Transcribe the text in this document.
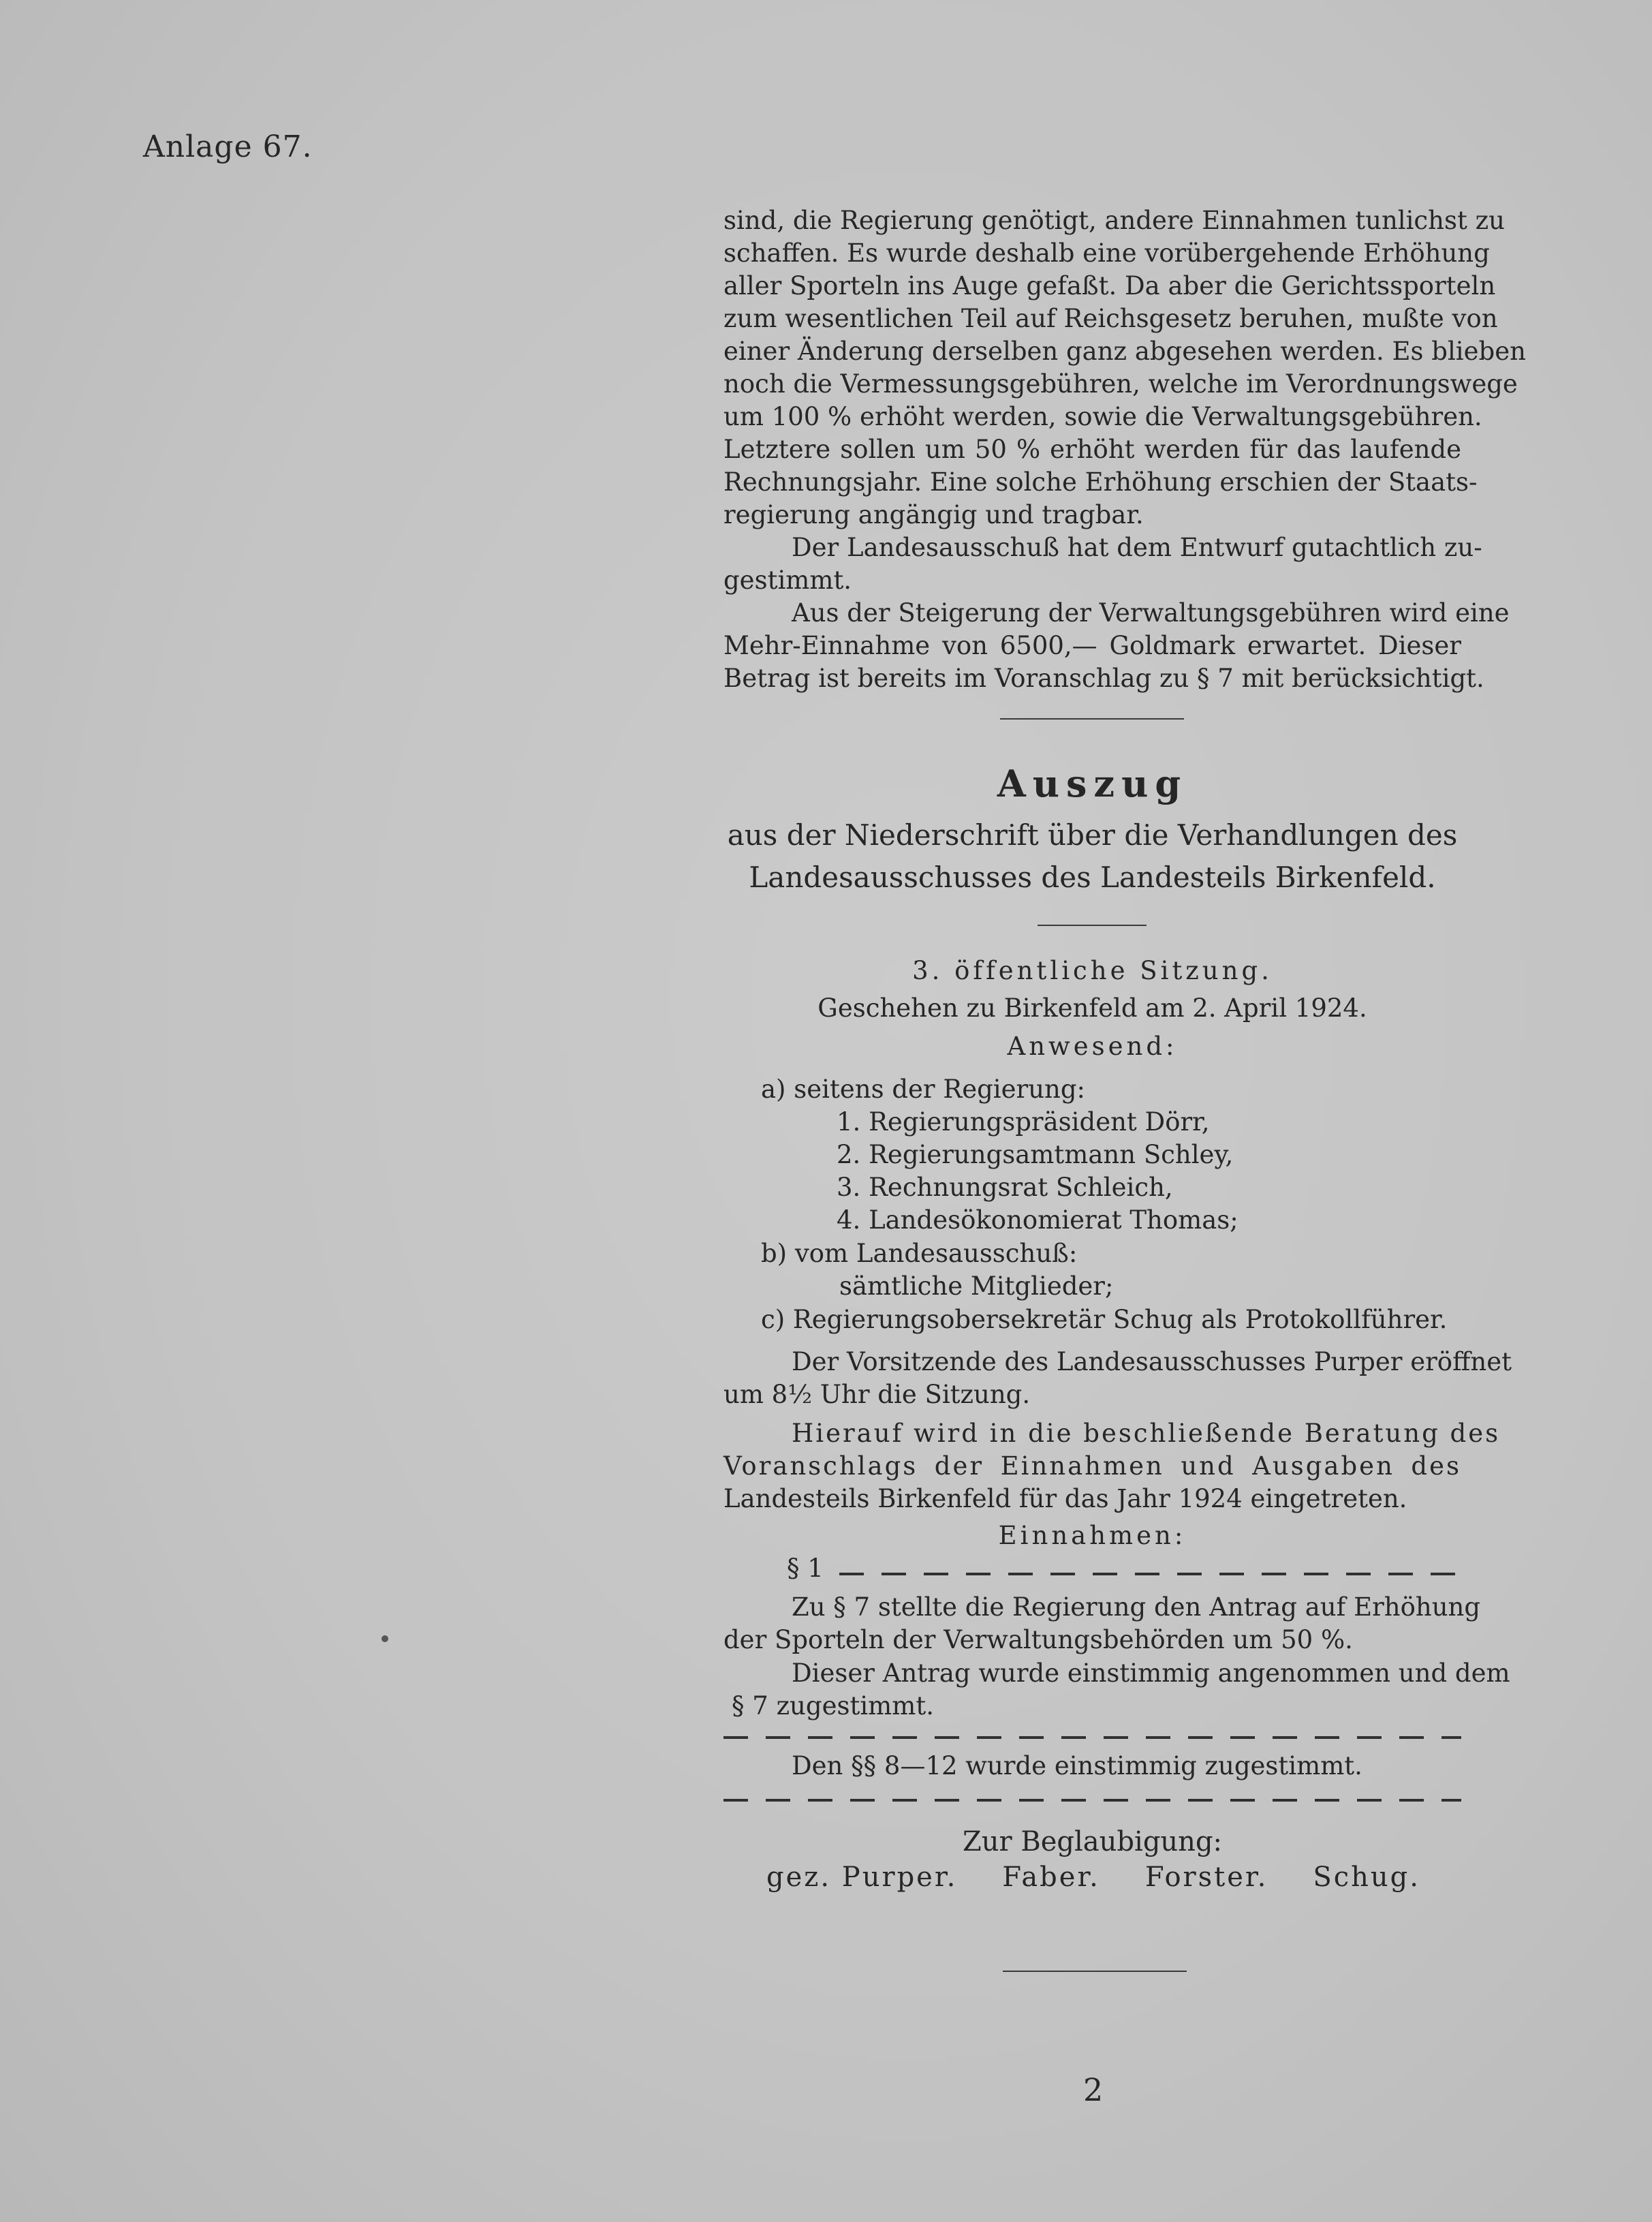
Anlage 67.

sind, die Regierung genötigt, andere Einnahmen tunlichst zu
schaffen. Es wurde deshalb eine vorübergehende Erhöhung
aller Sporteln ins Auge gefaßt. Da aber die Gerichtssporteln
zum wesentlichen Teil auf Reichsgesetz beruhen, mußte von
einer Änderung derselben ganz abgesehen werden. Es blieben
noch die Vermessungsgebühren, welche im Verordnungswege
um 100 % erhöht werden, sowie die Verwaltungsgebühren.
Letztere sollen um 50 % erhöht werden für das laufende
Rechnungsjahr. Eine solche Erhöhung erschien der Staats-
regierung angängig und tragbar.

Der Landesausschuß hat dem Entwurf gutachtlich zu-
gestimmt.

Aus der Steigerung der Verwaltungsgebühren wird eine
Mehr-Einnahme von 6500,— Goldmark erwartet. Dieser
Betrag ist bereits im Voranschlag zu § 7 mit berücksichtigt.

Auszug
aus der Niederschrift über die Verhandlungen des
Landesausschusses des Landesteils Birkenfeld.
3. öffentliche Sitzung.
Geschehen zu Birkenfeld am 2. April 1924.
Anwesend:
a) seitens der Regierung:
1. Regierungspräsident Dörr,
2. Regierungsamtmann Schley,
3. Rechnungsrat Schleich,
4. Landesökonomierat Thomas;
b) vom Landesausschuß:
sämtliche Mitglieder;
c) Regierungsobersekretär Schug als Protokollführer.

Der Vorsitzende des Landesausschusses Purper eröffnet
um 8½ Uhr die Sitzung.

Hierauf wird in die beschließende Beratung des
Voranschlags der Einnahmen und Ausgaben des
Landesteils Birkenfeld für das Jahr 1924 eingetreten.

Einnahmen:
§ 1

Zu § 7 stellte die Regierung den Antrag auf Erhöhung
der Sporteln der Verwaltungsbehörden um 50 %.

Dieser Antrag wurde einstimmig angenommen und dem
§ 7 zugestimmt.

Den §§ 8—12 wurde einstimmig zugestimmt.
Zur Beglaubigung:
gez. Purper. Faber. Forster. Schug.
2
